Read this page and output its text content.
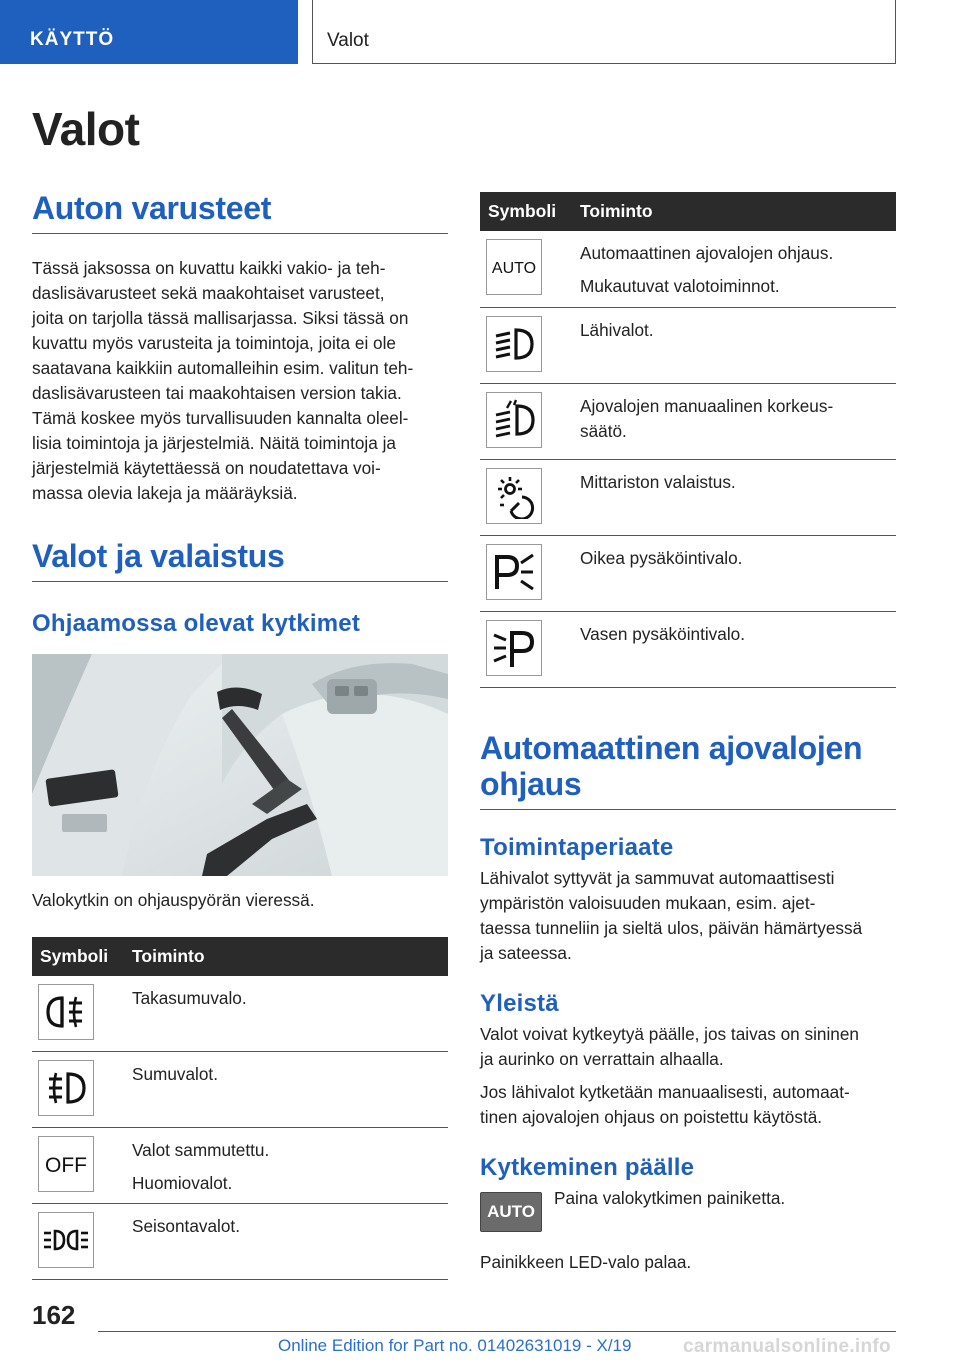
KÄYTTÖ	Valot
Valot
Auton varusteet
Tässä jaksossa on kuvattu kaikki vakio- ja teh-
daslisävarusteet sekä maakohtaiset varusteet,
joita on tarjolla tässä mallisarjassa. Siksi tässä on
kuvattu myös varusteita ja toimintoja, joita ei ole
saatavana kaikkiin automalleihin esim. valitun teh-
daslisävarusteen tai maakohtaisen version takia.
Tämä koskee myös turvallisuuden kannalta oleel-
lisia toimintoja ja järjestelmiä. Näitä toimintoja ja
järjestelmiä käytettäessä on noudatettava voi-
massa olevia lakeja ja määräyksiä.
Valot ja valaistus
Ohjaamossa olevat kytkimet
Valokytkin on ohjauspyörän vieressä.
Symboli	Toiminto

Takasumuvalo.

Sumuvalot.

OFF	Valot sammutettu.
Huomiovalot.

Seisontavalot.
Symboli	Toiminto

AUTO	Automaattinen ajovalojen ohjaus.
Mukautuvat valotoiminnot.

Lähivalot.

Ajovalojen manuaalinen korkeus-
säätö.

Mittariston valaistus.

Oikea pysäköintivalo.

Vasen pysäköintivalo.
Automaattinen ajovalojen
ohjaus
Toimintaperiaate
Lähivalot syttyvät ja sammuvat automaattisesti
ympäristön valoisuuden mukaan, esim. ajet-
taessa tunneliin ja sieltä ulos, päivän hämärtyessä
ja sateessa.
Yleistä
Valot voivat kytkeytyä päälle, jos taivas on sininen
ja aurinko on verrattain alhaalla.
Jos lähivalot kytketään manuaalisesti, automaat-
tinen ajovalojen ohjaus on poistettu käytöstä.
Kytkeminen päälle
AUTO
Paina valokytkimen painiketta.
Painikkeen LED-valo palaa.
162
Online Edition for Part no. 01402631019 - X/19	carmanualsonline.info
